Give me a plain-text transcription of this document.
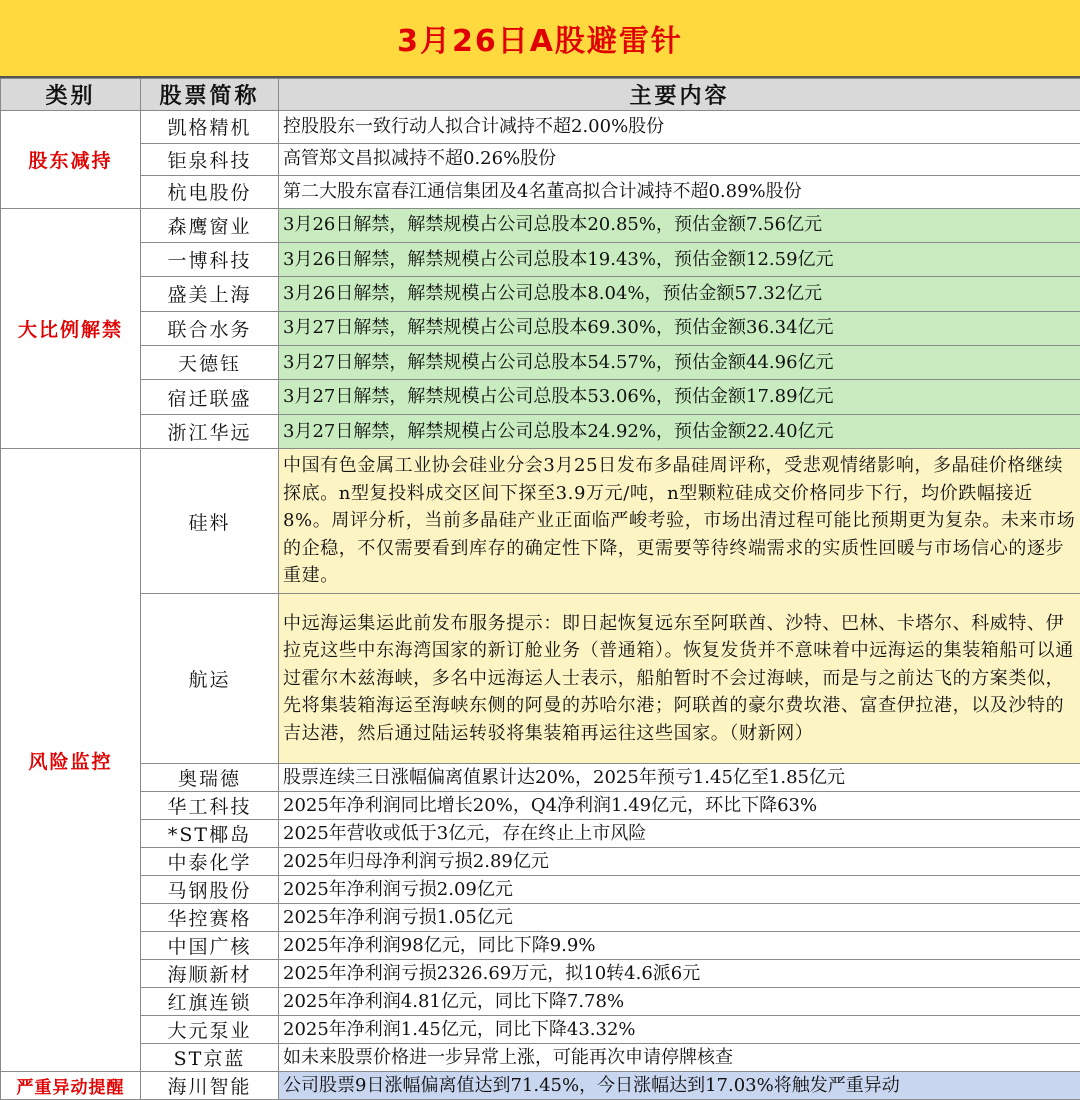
3月26日A股避雷针
类别	股票简称	主要内容
股东减持	凯格精机	控股股东一致行动人拟合计减持不超2.00%股份
	钜泉科技	高管郑文昌拟减持不超0.26%股份
	杭电股份	第二大股东富春江通信集团及4名董高拟合计减持不超0.89%股份
大比例解禁	森鹰窗业	3月26日解禁，解禁规模占公司总股本20.85%，预估金额7.56亿元
	一博科技	3月26日解禁，解禁规模占公司总股本19.43%，预估金额12.59亿元
	盛美上海	3月26日解禁，解禁规模占公司总股本8.04%，预估金额57.32亿元
	联合水务	3月27日解禁，解禁规模占公司总股本69.30%，预估金额36.34亿元
	天德钰	3月27日解禁，解禁规模占公司总股本54.57%，预估金额44.96亿元
	宿迁联盛	3月27日解禁，解禁规模占公司总股本53.06%，预估金额17.89亿元
	浙江华远	3月27日解禁，解禁规模占公司总股本24.92%，预估金额22.40亿元
风险监控	硅料	中国有色金属工业协会硅业分会3月25日发布多晶硅周评称，受悲观情绪影响，多晶硅价格继续探底。n型复投料成交区间下探至3.9万元/吨，n型颗粒硅成交价格同步下行，均价跌幅接近8%。周评分析，当前多晶硅产业正面临严峻考验，市场出清过程可能比预期更为复杂。未来市场的企稳，不仅需要看到库存的确定性下降，更需要等待终端需求的实质性回暖与市场信心的逐步重建。
	航运	中远海运集运此前发布服务提示：即日起恢复远东至阿联酋、沙特、巴林、卡塔尔、科威特、伊拉克这些中东海湾国家的新订舱业务（普通箱）。恢复发货并不意味着中远海运的集装箱船可以通过霍尔木兹海峡，多名中远海运人士表示，船舶暂时不会过海峡，而是与之前达飞的方案类似，先将集装箱海运至海峡东侧的阿曼的苏哈尔港；阿联酋的豪尔费坎港、富查伊拉港，以及沙特的吉达港，然后通过陆运转驳将集装箱再运往这些国家。（财新网）
	奥瑞德	股票连续三日涨幅偏离值累计达20%，2025年预亏1.45亿至1.85亿元
	华工科技	2025年净利润同比增长20%，Q4净利润1.49亿元，环比下降63%
	*ST椰岛	2025年营收或低于3亿元，存在终止上市风险
	中泰化学	2025年归母净利润亏损2.89亿元
	马钢股份	2025年净利润亏损2.09亿元
	华控赛格	2025年净利润亏损1.05亿元
	中国广核	2025年净利润98亿元，同比下降9.9%
	海顺新材	2025年净利润亏损2326.69万元，拟10转4.6派6元
	红旗连锁	2025年净利润4.81亿元，同比下降7.78%
	大元泵业	2025年净利润1.45亿元，同比下降43.32%
	ST京蓝	如未来股票价格进一步异常上涨，可能再次申请停牌核查
严重异动提醒	海川智能	公司股票9日涨幅偏离值达到71.45%，今日涨幅达到17.03%将触发严重异动
